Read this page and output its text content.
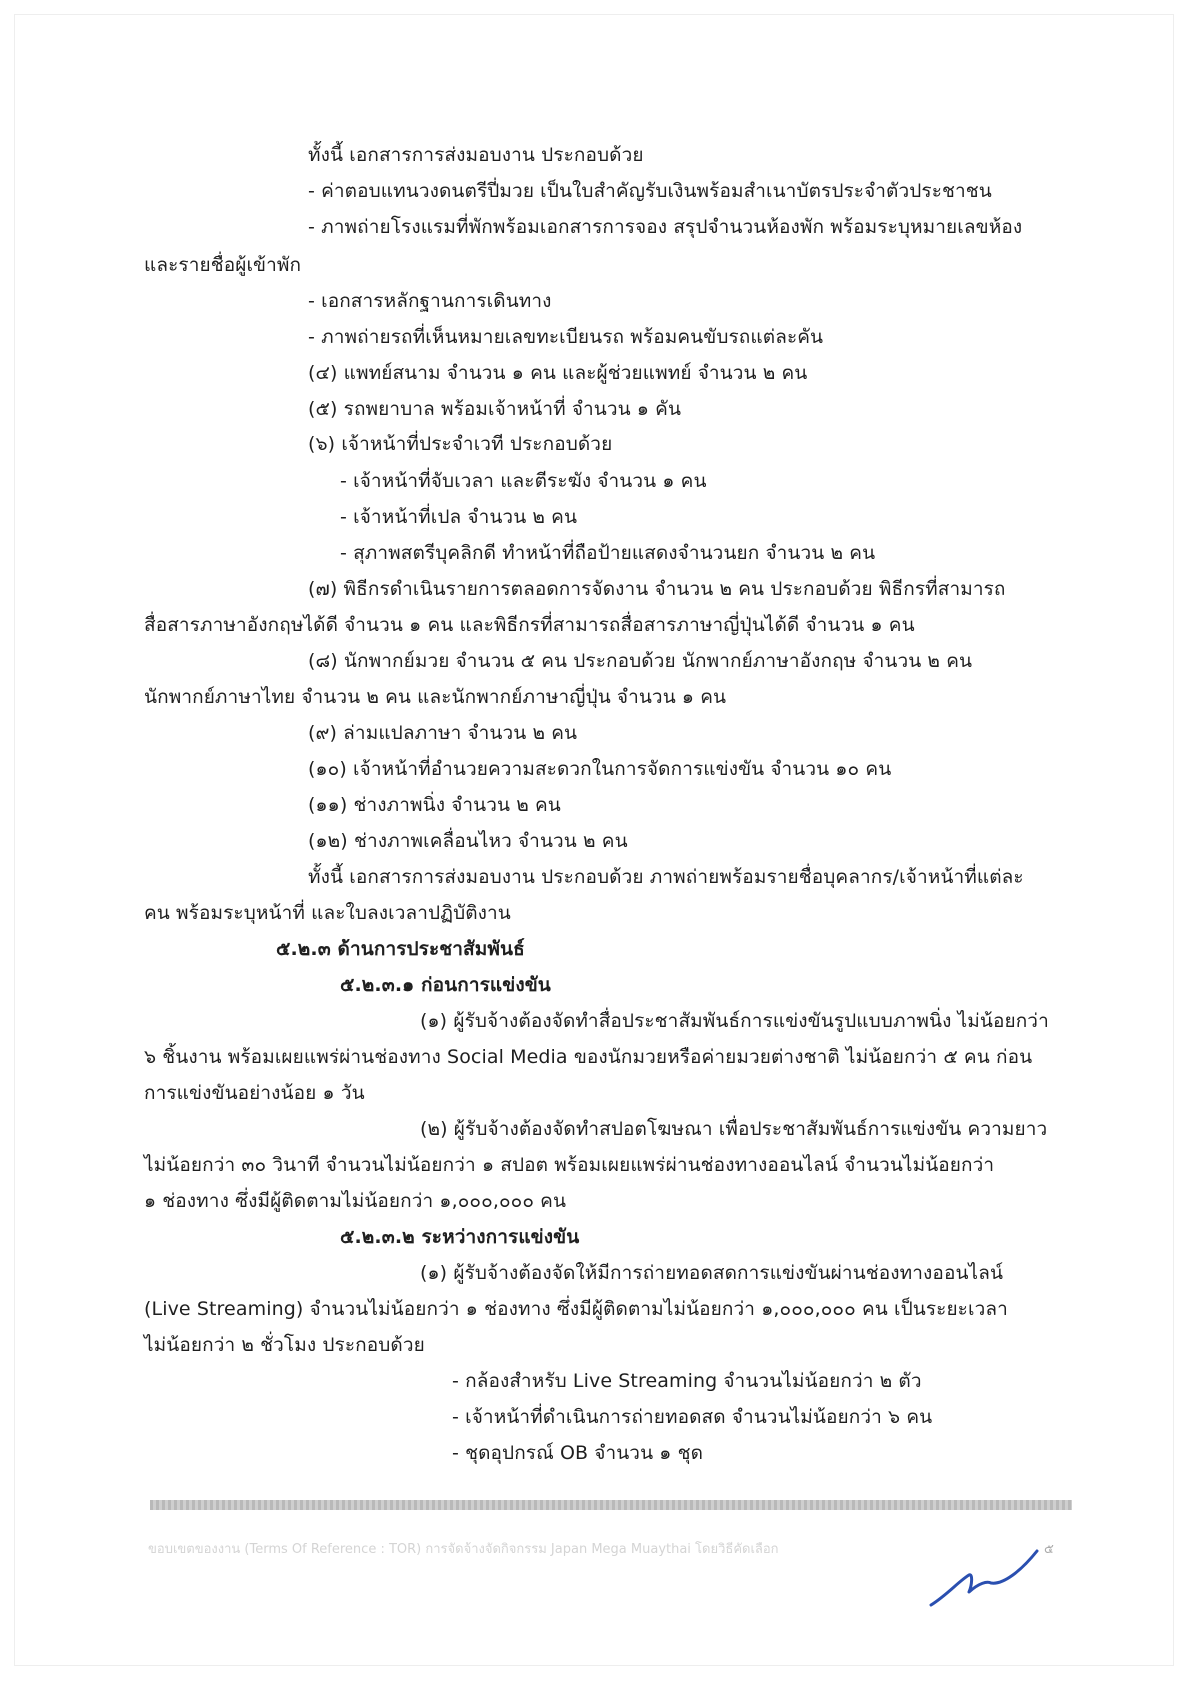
ทั้งนี้ เอกสารการส่งมอบงาน ประกอบด้วย
- ค่าตอบแทนวงดนตรีปี่มวย เป็นใบสำคัญรับเงินพร้อมสำเนาบัตรประจำตัวประชาชน
- ภาพถ่ายโรงแรมที่พักพร้อมเอกสารการจอง สรุปจำนวนห้องพัก พร้อมระบุหมายเลขห้อง
และรายชื่อผู้เข้าพัก
- เอกสารหลักฐานการเดินทาง
- ภาพถ่ายรถที่เห็นหมายเลขทะเบียนรถ พร้อมคนขับรถแต่ละคัน
(๔) แพทย์สนาม จำนวน ๑ คน และผู้ช่วยแพทย์ จำนวน ๒ คน
(๕) รถพยาบาล พร้อมเจ้าหน้าที่ จำนวน ๑ คัน
(๖) เจ้าหน้าที่ประจำเวที ประกอบด้วย
- เจ้าหน้าที่จับเวลา และตีระฆัง จำนวน ๑ คน
- เจ้าหน้าที่เปล จำนวน ๒ คน
- สุภาพสตรีบุคลิกดี ทำหน้าที่ถือป้ายแสดงจำนวนยก จำนวน ๒ คน
(๗) พิธีกรดำเนินรายการตลอดการจัดงาน จำนวน ๒ คน ประกอบด้วย พิธีกรที่สามารถ
สื่อสารภาษาอังกฤษได้ดี จำนวน ๑ คน และพิธีกรที่สามารถสื่อสารภาษาญี่ปุ่นได้ดี จำนวน ๑ คน
(๘) นักพากย์มวย จำนวน ๕ คน ประกอบด้วย นักพากย์ภาษาอังกฤษ จำนวน ๒ คน
นักพากย์ภาษาไทย จำนวน ๒ คน และนักพากย์ภาษาญี่ปุ่น จำนวน ๑ คน
(๙) ล่ามแปลภาษา จำนวน ๒ คน
(๑๐) เจ้าหน้าที่อำนวยความสะดวกในการจัดการแข่งขัน จำนวน ๑๐ คน
(๑๑) ช่างภาพนิ่ง จำนวน ๒ คน
(๑๒) ช่างภาพเคลื่อนไหว จำนวน ๒ คน
ทั้งนี้ เอกสารการส่งมอบงาน ประกอบด้วย ภาพถ่ายพร้อมรายชื่อบุคลากร/เจ้าหน้าที่แต่ละ
คน พร้อมระบุหน้าที่ และใบลงเวลาปฏิบัติงาน
๕.๒.๓ ด้านการประชาสัมพันธ์
๕.๒.๓.๑ ก่อนการแข่งขัน
(๑) ผู้รับจ้างต้องจัดทำสื่อประชาสัมพันธ์การแข่งขันรูปแบบภาพนิ่ง ไม่น้อยกว่า
๖ ชิ้นงาน พร้อมเผยแพร่ผ่านช่องทาง Social Media ของนักมวยหรือค่ายมวยต่างชาติ ไม่น้อยกว่า ๕ คน ก่อน
การแข่งขันอย่างน้อย ๑ วัน
(๒) ผู้รับจ้างต้องจัดทำสปอตโฆษณา เพื่อประชาสัมพันธ์การแข่งขัน ความยาว
ไม่น้อยกว่า ๓๐ วินาที จำนวนไม่น้อยกว่า ๑ สปอต พร้อมเผยแพร่ผ่านช่องทางออนไลน์ จำนวนไม่น้อยกว่า
๑ ช่องทาง ซึ่งมีผู้ติดตามไม่น้อยกว่า ๑,๐๐๐,๐๐๐ คน
๕.๒.๓.๒ ระหว่างการแข่งขัน
(๑) ผู้รับจ้างต้องจัดให้มีการถ่ายทอดสดการแข่งขันผ่านช่องทางออนไลน์
(Live Streaming) จำนวนไม่น้อยกว่า ๑ ช่องทาง ซึ่งมีผู้ติดตามไม่น้อยกว่า ๑,๐๐๐,๐๐๐ คน เป็นระยะเวลา
ไม่น้อยกว่า ๒ ชั่วโมง ประกอบด้วย
- กล้องสำหรับ Live Streaming จำนวนไม่น้อยกว่า ๒ ตัว
- เจ้าหน้าที่ดำเนินการถ่ายทอดสด จำนวนไม่น้อยกว่า ๖ คน
- ชุดอุปกรณ์ OB จำนวน ๑ ชุด
ขอบเขตของงาน (Terms Of Reference : TOR) การจัดจ้างจัดกิจกรรม Japan Mega Muaythai โดยวิธีคัดเลือก	๕
